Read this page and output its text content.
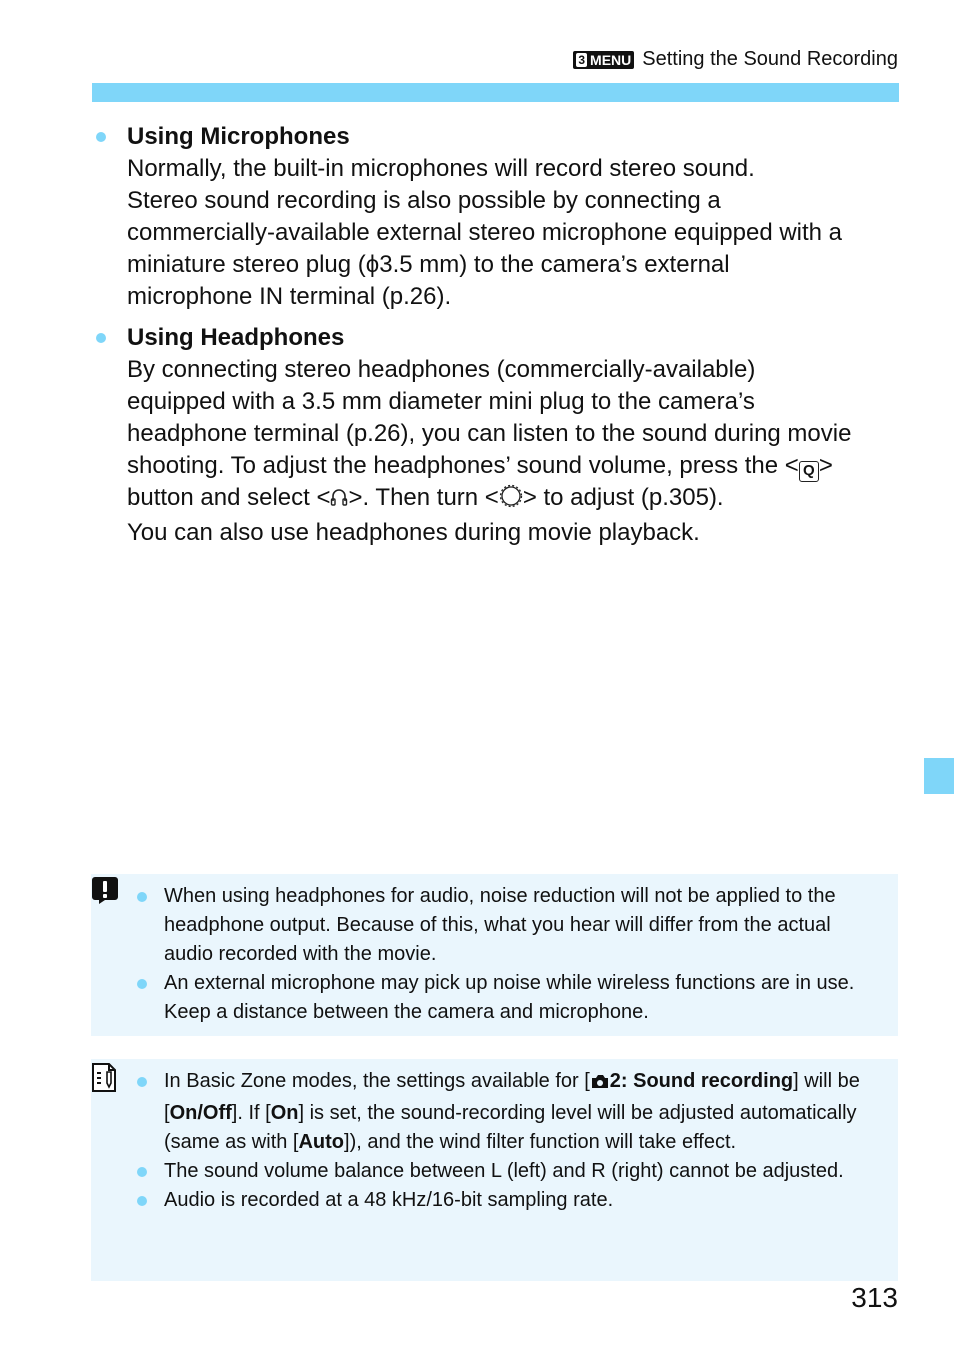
3 MENU Setting the Sound Recording
Using Microphones

Normally, the built-in microphones will record stereo sound.

Stereo sound recording is also possible by connecting a

commercially-available external stereo microphone equipped with a

miniature stereo plug (ϕ3.5 mm) to the camera’s external

microphone IN terminal (p.26).

Using Headphones

By connecting stereo headphones (commercially-available)

equipped with a 3.5 mm diameter mini plug to the camera’s

headphone terminal (p.26), you can listen to the sound during movie

shooting. To adjust the headphones’ sound volume, press the < Q >

button and select < >. Then turn < > to adjust (p.305).

You can also use headphones during movie playback.

When using headphones for audio, noise reduction will not be applied to the headphone output. Because of this, what you hear will differ from the actual audio recorded with the movie.
An external microphone may pick up noise while wireless functions are in use. Keep a distance between the camera and microphone.
In Basic Zone modes, the settings available for [ 2: Sound recording] will be [On/Off]. If [On] is set, the sound-recording level will be adjusted automatically (same as with [Auto]), and the wind filter function will take effect.
The sound volume balance between L (left) and R (right) cannot be adjusted.
Audio is recorded at a 48 kHz/16-bit sampling rate.
313
